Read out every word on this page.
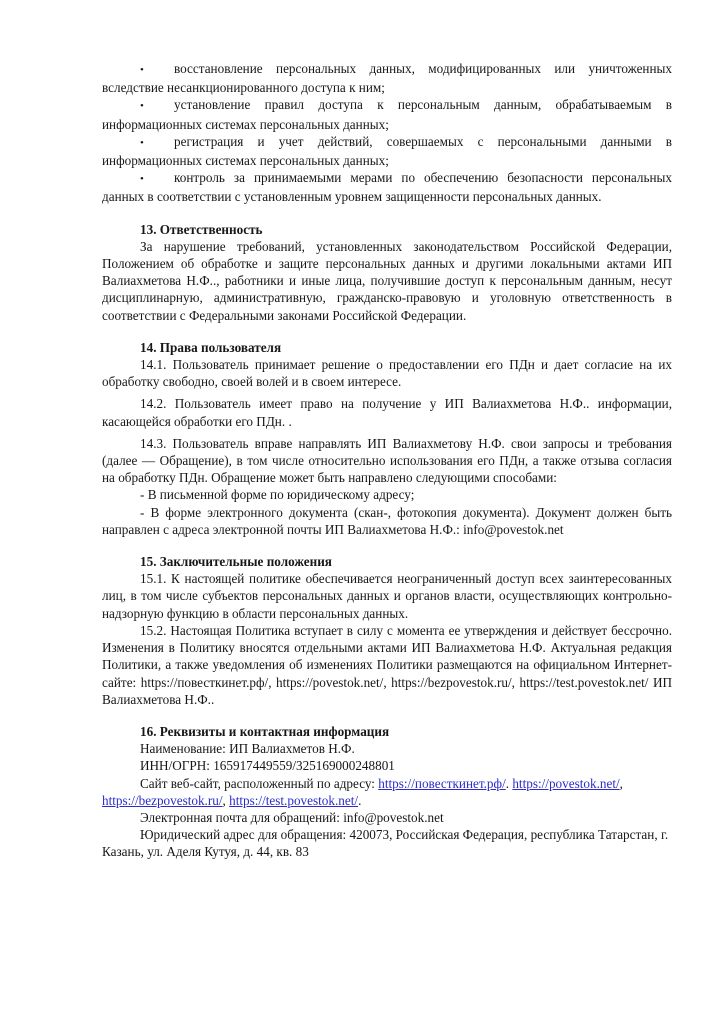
• восстановление персональных данных, модифицированных или уничтоженных вследствие несанкционированного доступа к ним;

• установление правил доступа к персональным данным, обрабатываемым в информационных системах персональных данных;

• регистрация и учет действий, совершаемых с персональными данными в информационных системах персональных данных;

• контроль за принимаемыми мерами по обеспечению безопасности персональных данных в соответствии с установленным уровнем защищенности персональных данных.

13. Ответственность

За нарушение требований, установленных законодательством Российской Федерации, Положением об обработке и защите персональных данных и другими локальными актами ИП Валиахметова Н.Ф.., работники и иные лица, получившие доступ к персональным данным, несут дисциплинарную, административную, гражданско-правовую и уголовную ответственность в соответствии с Федеральными законами Российской Федерации.

14. Права пользователя

14.1. Пользователь принимает решение о предоставлении его ПДн и дает согласие на их обработку свободно, своей волей и в своем интересе.

14.2. Пользователь имеет право на получение у ИП Валиахметова Н.Ф.. информации, касающейся обработки его ПДн. .

14.3. Пользователь вправе направлять ИП Валиахметову Н.Ф. свои запросы и требования (далее — Обращение), в том числе относительно использования его ПДн, а также отзыва согласия на обработку ПДн. Обращение может быть направлено следующими способами:

- В письменной форме по юридическому адресу;

- В форме электронного документа (скан-, фотокопия документа). Документ должен быть направлен с адреса электронной почты ИП Валиахметова Н.Ф.: info@povestok.net

15. Заключительные положения

15.1. К настоящей политике обеспечивается неограниченный доступ всех заинтересованных лиц, в том числе субъектов персональных данных и органов власти, осуществляющих контрольно-надзорную функцию в области персональных данных.

15.2. Настоящая Политика вступает в силу с момента ее утверждения и действует бессрочно. Изменения в Политику вносятся отдельными актами ИП Валиахметова Н.Ф. Актуальная редакция Политики, а также уведомления об изменениях Политики размещаются на официальном Интернет-сайте: https://повесткинет.рф/, https://povestok.net/, https://bezpovestok.ru/, https://test.povestok.net/ ИП Валиахметова Н.Ф..

16. Реквизиты и контактная информация

Наименование: ИП Валиахметов Н.Ф.

ИНН/ОГРН: 165917449559/325169000248801

Сайт веб-сайт, расположенный по адресу: https://повесткинет.рф/. https://povestok.net/, https://bezpovestok.ru/, https://test.povestok.net/.

Электронная почта для обращений: info@povestok.net

Юридический адрес для обращения: 420073, Российская Федерация, республика Татарстан, г. Казань, ул. Аделя Кутуя, д. 44, кв. 83
